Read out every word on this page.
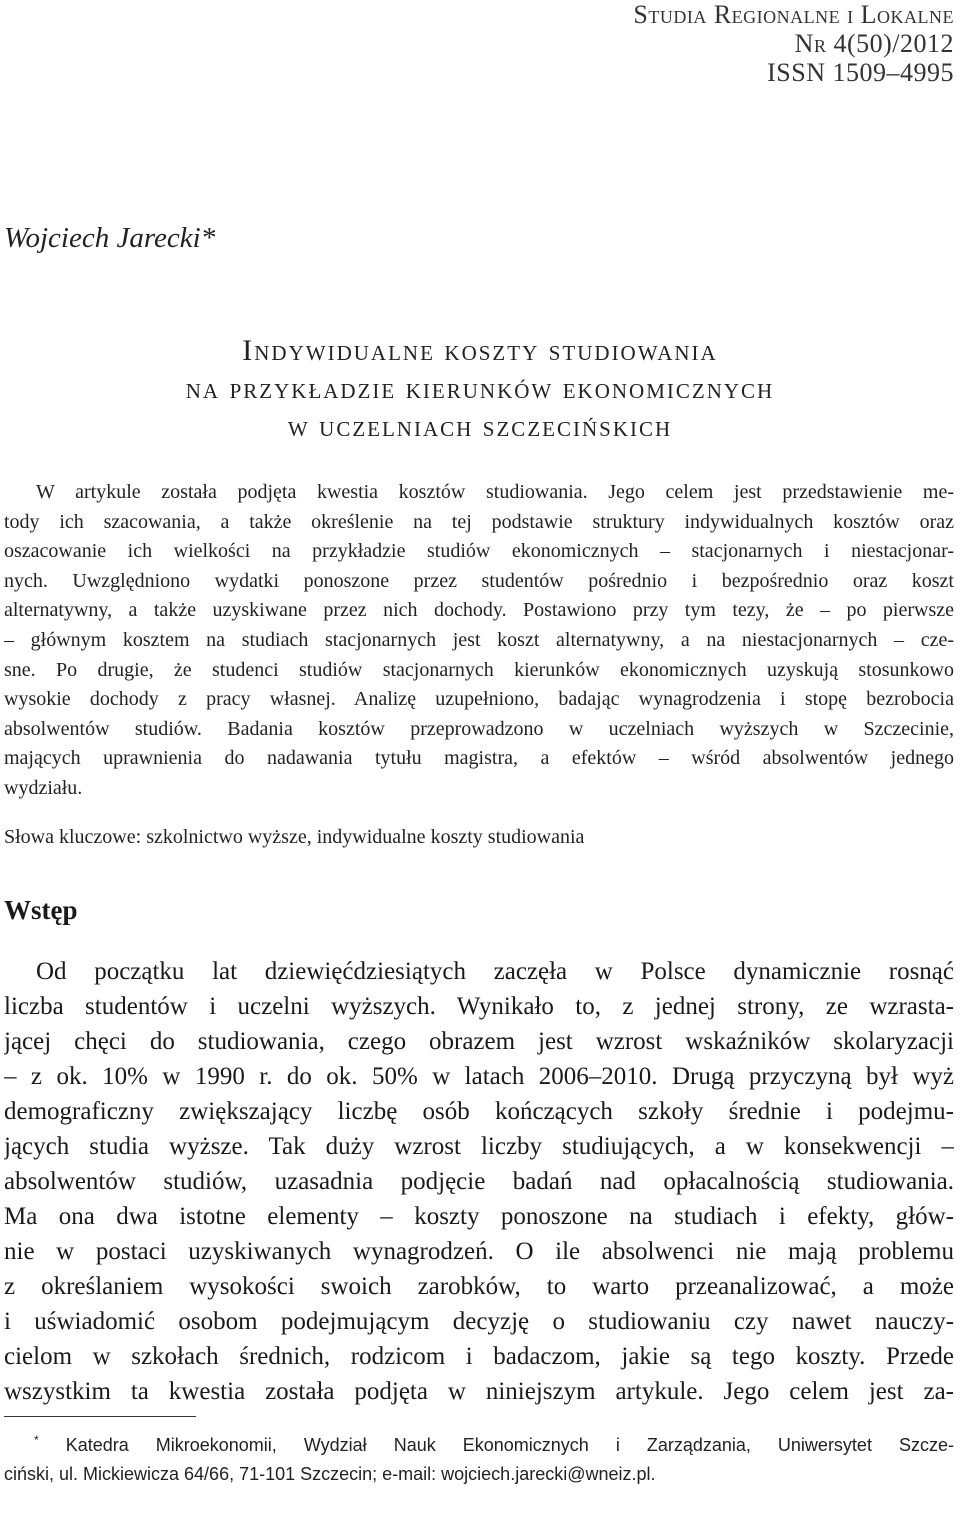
Studia Regionalne i Lokalne
Nr 4(50)/2012
ISSN 1509–4995
Wojciech Jarecki*
Indywidualne koszty studiowania
na przykładzie kierunków ekonomicznych
w uczelniach szczecińskich
W artykule została podjęta kwestia kosztów studiowania. Jego celem jest przedstawienie me-
tody ich szacowania, a także określenie na tej podstawie struktury indywidualnych kosztów oraz
oszacowanie ich wielkości na przykładzie studiów ekonomicznych – stacjonarnych i niestacjonar-
nych. Uwzględniono wydatki ponoszone przez studentów pośrednio i bezpośrednio oraz koszt
alternatywny, a także uzyskiwane przez nich dochody. Postawiono przy tym tezy, że – po pierwsze
– głównym kosztem na studiach stacjonarnych jest koszt alternatywny, a na niestacjonarnych – cze-
sne. Po drugie, że studenci studiów stacjonarnych kierunków ekonomicznych uzyskują stosunkowo
wysokie dochody z pracy własnej. Analizę uzupełniono, badając wynagrodzenia i stopę bezrobocia
absolwentów studiów. Badania kosztów przeprowadzono w uczelniach wyższych w Szczecinie,
mających uprawnienia do nadawania tytułu magistra, a efektów – wśród absolwentów jednego
wydziału.
Słowa kluczowe: szkolnictwo wyższe, indywidualne koszty studiowania
Wstęp
Od początku lat dziewięćdziesiątych zaczęła w Polsce dynamicznie rosnąć
liczba studentów i uczelni wyższych. Wynikało to, z jednej strony, ze wzrasta-
jącej chęci do studiowania, czego obrazem jest wzrost wskaźników skolaryzacji
– z ok. 10% w 1990 r. do ok. 50% w latach 2006–2010. Drugą przyczyną był wyż
demograficzny zwiększający liczbę osób kończących szkoły średnie i podejmu-
jących studia wyższe. Tak duży wzrost liczby studiujących, a w konsekwencji –
absolwentów studiów, uzasadnia podjęcie badań nad opłacalnością studiowania.
Ma ona dwa istotne elementy – koszty ponoszone na studiach i efekty, głów-
nie w postaci uzyskiwanych wynagrodzeń. O ile absolwenci nie mają problemu
z określaniem wysokości swoich zarobków, to warto przeanalizować, a może
i uświadomić osobom podejmującym decyzję o studiowaniu czy nawet nauczy-
cielom w szkołach średnich, rodzicom i badaczom, jakie są tego koszty. Przede
wszystkim ta kwestia została podjęta w niniejszym artykule. Jego celem jest za-
* Katedra Mikroekonomii, Wydział Nauk Ekonomicznych i Zarządzania, Uniwersytet Szcze-
ciński, ul. Mickiewicza 64/66, 71-101 Szczecin; e-mail: wojciech.jarecki@wneiz.pl.
